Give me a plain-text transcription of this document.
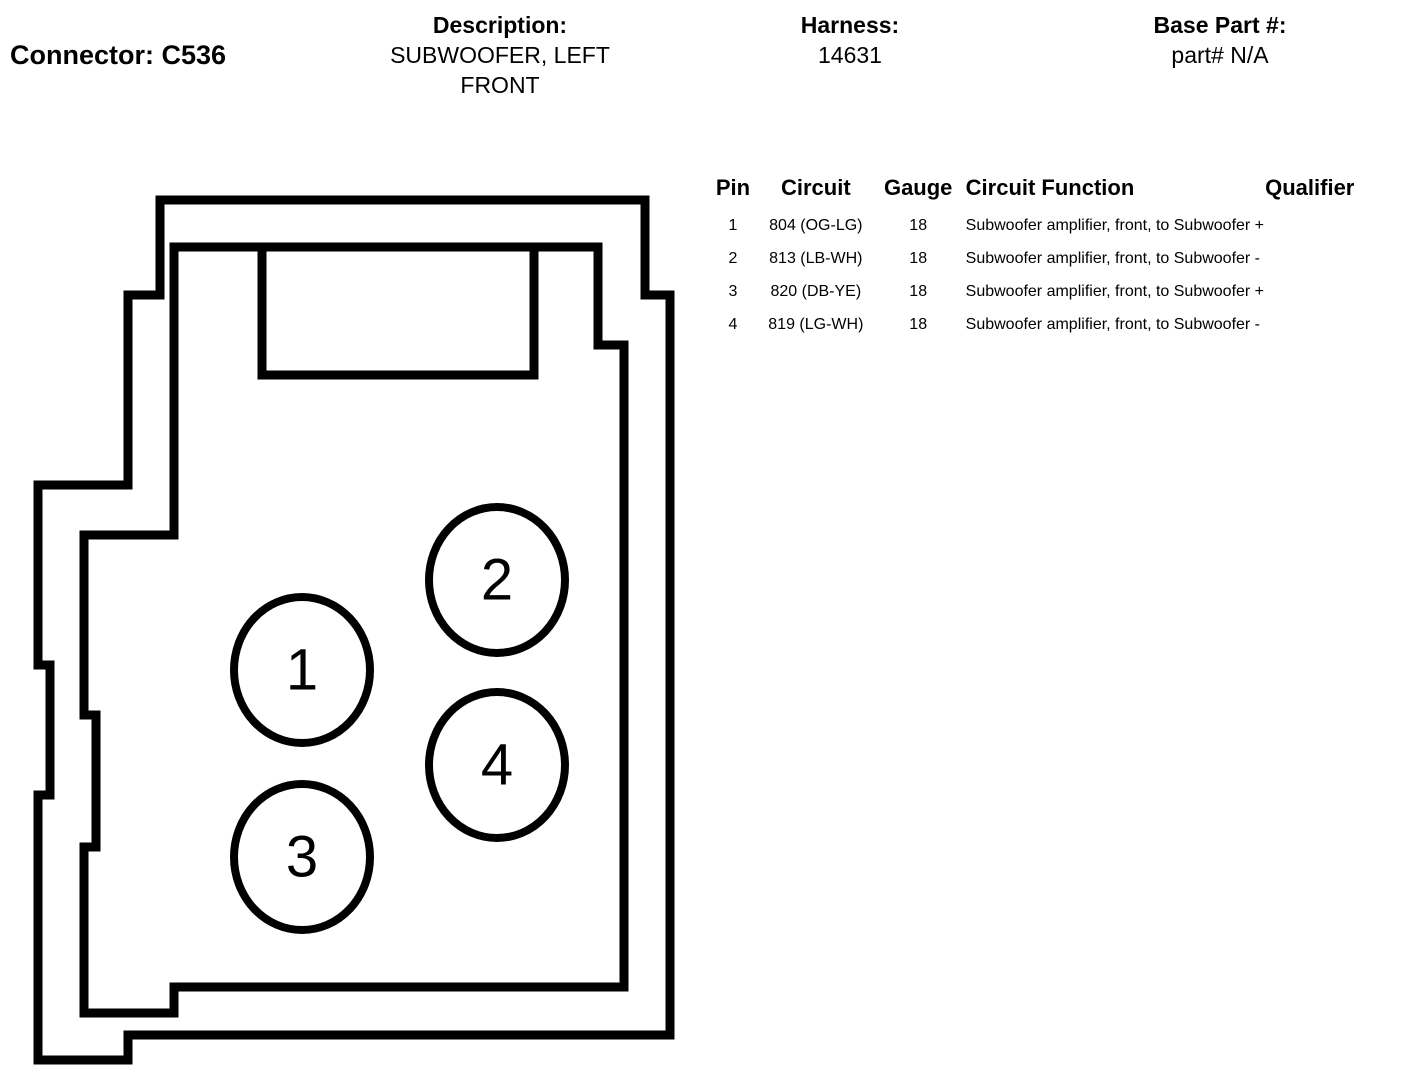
Connector: C536
Description:
SUBWOOFER, LEFT FRONT
Harness:
14631
Base Part #:
part# N/A
1
2
3
4
Pin	Circuit	Gauge	Circuit Function	Qualifier
1	804 (OG-LG)	18	Subwoofer amplifier, front, to Subwoofer +	
2	813 (LB-WH)	18	Subwoofer amplifier, front, to Subwoofer -	
3	820 (DB-YE)	18	Subwoofer amplifier, front, to Subwoofer +	
4	819 (LG-WH)	18	Subwoofer amplifier, front, to Subwoofer -	
